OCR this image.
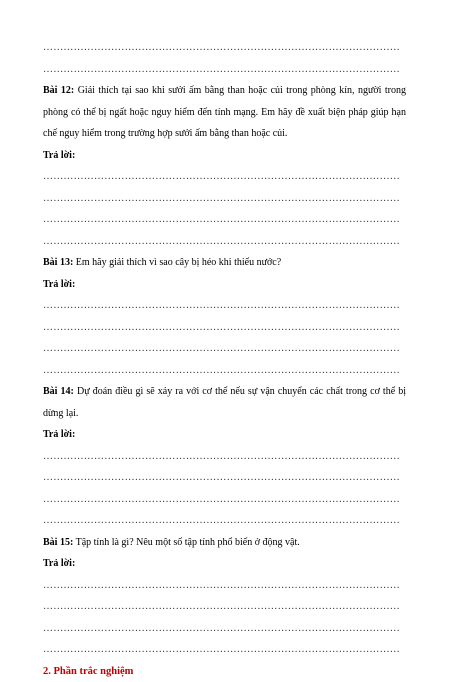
……………………………………………………………………………………………
……………………………………………………………………………………………
Bài 12: Giải thích tại sao khi sưởi ấm bằng than hoặc củi trong phòng kín, người trong phòng có thể bị ngất hoặc nguy hiểm đến tính mạng. Em hãy đề xuất biện pháp giúp hạn chế nguy hiểm trong trường hợp sưởi ấm bằng than hoặc củi.
Trả lời:
……………………………………………………………………………………………
……………………………………………………………………………………………
……………………………………………………………………………………………
……………………………………………………………………………………………
Bài 13: Em hãy giải thích vì sao cây bị héo khi thiếu nước?
Trả lời:
……………………………………………………………………………………………
……………………………………………………………………………………………
……………………………………………………………………………………………
……………………………………………………………………………………………
Bài 14: Dự đoán điều gì sẽ xảy ra với cơ thể nếu sự vận chuyển các chất trong cơ thể bị dừng lại.
Trả lời:
……………………………………………………………………………………………
……………………………………………………………………………………………
……………………………………………………………………………………………
……………………………………………………………………………………………
Bài 15: Tập tính là gì? Nêu một số tập tính phổ biến ở động vật.
Trả lời:
……………………………………………………………………………………………
……………………………………………………………………………………………
……………………………………………………………………………………………
……………………………………………………………………………………………
2. Phần trắc nghiệm
